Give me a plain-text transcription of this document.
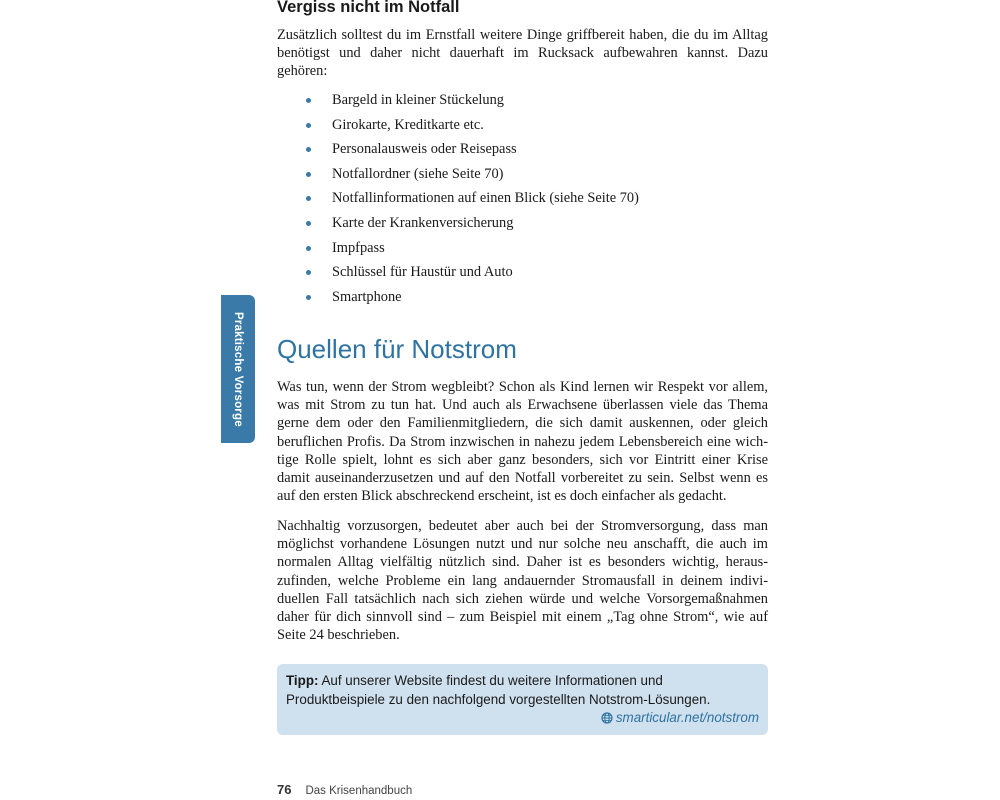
Praktische Vorsorge
Vergiss nicht im Notfall

Zusätzlich solltest du im Ernstfall weitere Dinge griffbereit haben, die du im Alltag benötigst und daher nicht dauerhaft im Rucksack aufbewahren kannst. Dazu gehören:

Bargeld in kleiner Stückelung
Girokarte, Kreditkarte etc.
Personalausweis oder Reisepass
Notfallordner (siehe Seite 70)
Notfallinformationen auf einen Blick (siehe Seite 70)
Karte der Krankenversicherung
Impfpass
Schlüssel für Haustür und Auto
Smartphone
Quellen für Notstrom

Was tun, wenn der Strom wegbleibt? Schon als Kind lernen wir Respekt vor allem, was mit Strom zu tun hat. Und auch als Erwachsene überlassen viele das Thema gerne dem oder den Familienmitgliedern, die sich damit auskennen, oder gleich beruflichen Profis. Da Strom inzwischen in nahezu jedem Lebensbereich eine wichtige Rolle spielt, lohnt es sich aber ganz besonders, sich vor Eintritt einer Krise damit auseinanderzusetzen und auf den Notfall vorbereitet zu sein. Selbst wenn es auf den ersten Blick abschreckend erscheint, ist es doch einfacher als gedacht.

Nachhaltig vorzusorgen, bedeutet aber auch bei der Stromversorgung, dass man möglichst vorhandene Lösungen nutzt und nur solche neu anschafft, die auch im normalen Alltag vielfältig nützlich sind. Daher ist es besonders wichtig, herauszufinden, welche Probleme ein lang andauernder Stromausfall in deinem individuellen Fall tatsächlich nach sich ziehen würde und welche Vorsorgemaßnahmen daher für dich sinnvoll sind – zum Beispiel mit einem „Tag ohne Strom“, wie auf Seite 24 beschrieben.

Tipp: Auf unserer Website findest du weitere Informationen und Produktbeispiele zu den nachfolgend vorgestellten Notstrom-Lösungen.
smarticular.net/notstrom
76 Das Krisenhandbuch
